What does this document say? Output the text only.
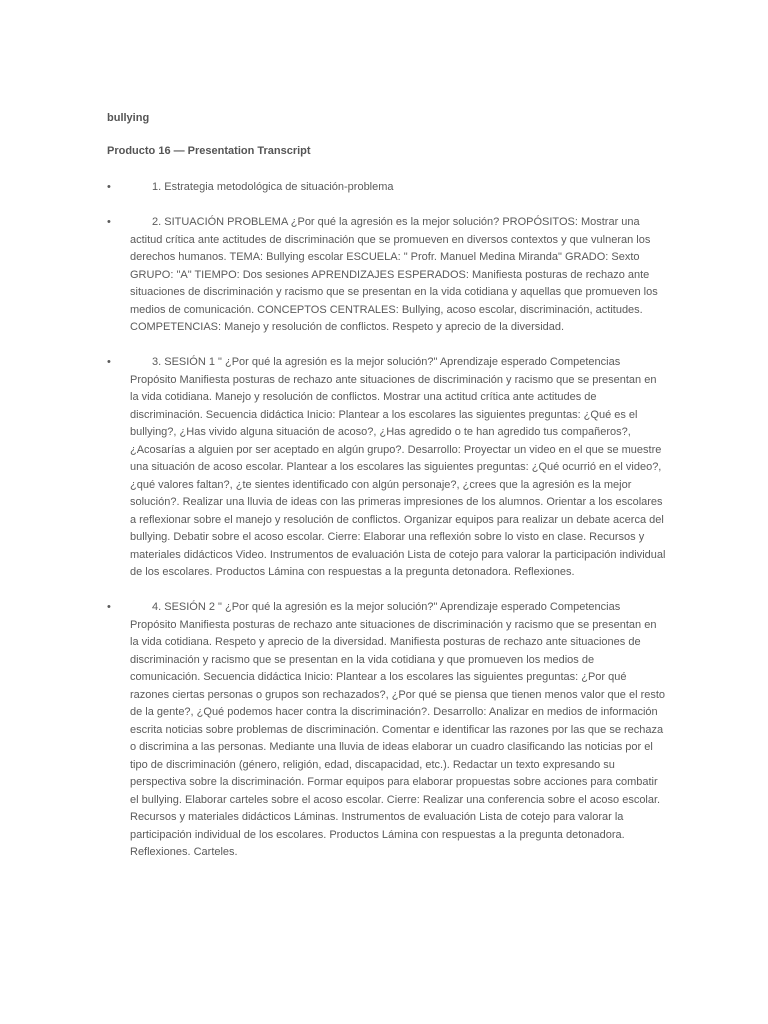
bullying
Producto 16 — Presentation Transcript
•	1. Estrategia metodológica de situación-problema
•	2. SITUACIÓN PROBLEMA ¿Por qué la agresión es la mejor solución? PROPÓSITOS: Mostrar una actitud crítica ante actitudes de discriminación que se promueven en diversos contextos y que vulneran los derechos humanos. TEMA: Bullying escolar ESCUELA: " Profr. Manuel Medina Miranda" GRADO: Sexto GRUPO: "A" TIEMPO: Dos sesiones APRENDIZAJES ESPERADOS: Manifiesta posturas de rechazo ante situaciones de discriminación y racismo que se presentan en la vida cotidiana y aquellas que promueven los medios de comunicación. CONCEPTOS CENTRALES: Bullying, acoso escolar, discriminación, actitudes. COMPETENCIAS: Manejo y resolución de conflictos. Respeto y aprecio de la diversidad.
•	3. SESIÓN 1 " ¿Por qué la agresión es la mejor solución?" Aprendizaje esperado Competencias Propósito Manifiesta posturas de rechazo ante situaciones de discriminación y racismo que se presentan en la vida cotidiana. Manejo y resolución de conflictos. Mostrar una actitud crítica ante actitudes de discriminación. Secuencia didáctica Inicio: Plantear a los escolares las siguientes preguntas: ¿Qué es el bullying?, ¿Has vivido alguna situación de acoso?, ¿Has agredido o te han agredido tus compañeros?, ¿Acosarías a alguien por ser aceptado en algún grupo?. Desarrollo: Proyectar un video en el que se muestre una situación de acoso escolar. Plantear a los escolares las siguientes preguntas: ¿Qué ocurrió en el video?, ¿qué valores faltan?, ¿te sientes identificado con algún personaje?, ¿crees que la agresión es la mejor solución?. Realizar una lluvia de ideas con las primeras impresiones de los alumnos. Orientar a los escolares a reflexionar sobre el manejo y resolución de conflictos. Organizar equipos para realizar un debate acerca del bullying. Debatir sobre el acoso escolar. Cierre: Elaborar una reflexión sobre lo visto en clase. Recursos y materiales didácticos Video. Instrumentos de evaluación Lista de cotejo para valorar la participación individual de los escolares. Productos Lámina con respuestas a la pregunta detonadora. Reflexiones.
•	4. SESIÓN 2 " ¿Por qué la agresión es la mejor solución?" Aprendizaje esperado Competencias Propósito Manifiesta posturas de rechazo ante situaciones de discriminación y racismo que se presentan en la vida cotidiana. Respeto y aprecio de la diversidad. Manifiesta posturas de rechazo ante situaciones de discriminación y racismo que se presentan en la vida cotidiana y que promueven los medios de comunicación. Secuencia didáctica Inicio: Plantear a los escolares las siguientes preguntas: ¿Por qué razones ciertas personas o grupos son rechazados?, ¿Por qué se piensa que tienen menos valor que el resto de la gente?, ¿Qué podemos hacer contra la discriminación?. Desarrollo: Analizar en medios de información escrita noticias sobre problemas de discriminación. Comentar e identificar las razones por las que se rechaza o discrimina a las personas. Mediante una lluvia de ideas elaborar un cuadro clasificando las noticias por el tipo de discriminación (género, religión, edad, discapacidad, etc.). Redactar un texto expresando su perspectiva sobre la discriminación. Formar equipos para elaborar propuestas sobre acciones para combatir el bullying. Elaborar carteles sobre el acoso escolar. Cierre: Realizar una conferencia sobre el acoso escolar. Recursos y materiales didácticos Láminas. Instrumentos de evaluación Lista de cotejo para valorar la participación individual de los escolares. Productos Lámina con respuestas a la pregunta detonadora. Reflexiones. Carteles.
